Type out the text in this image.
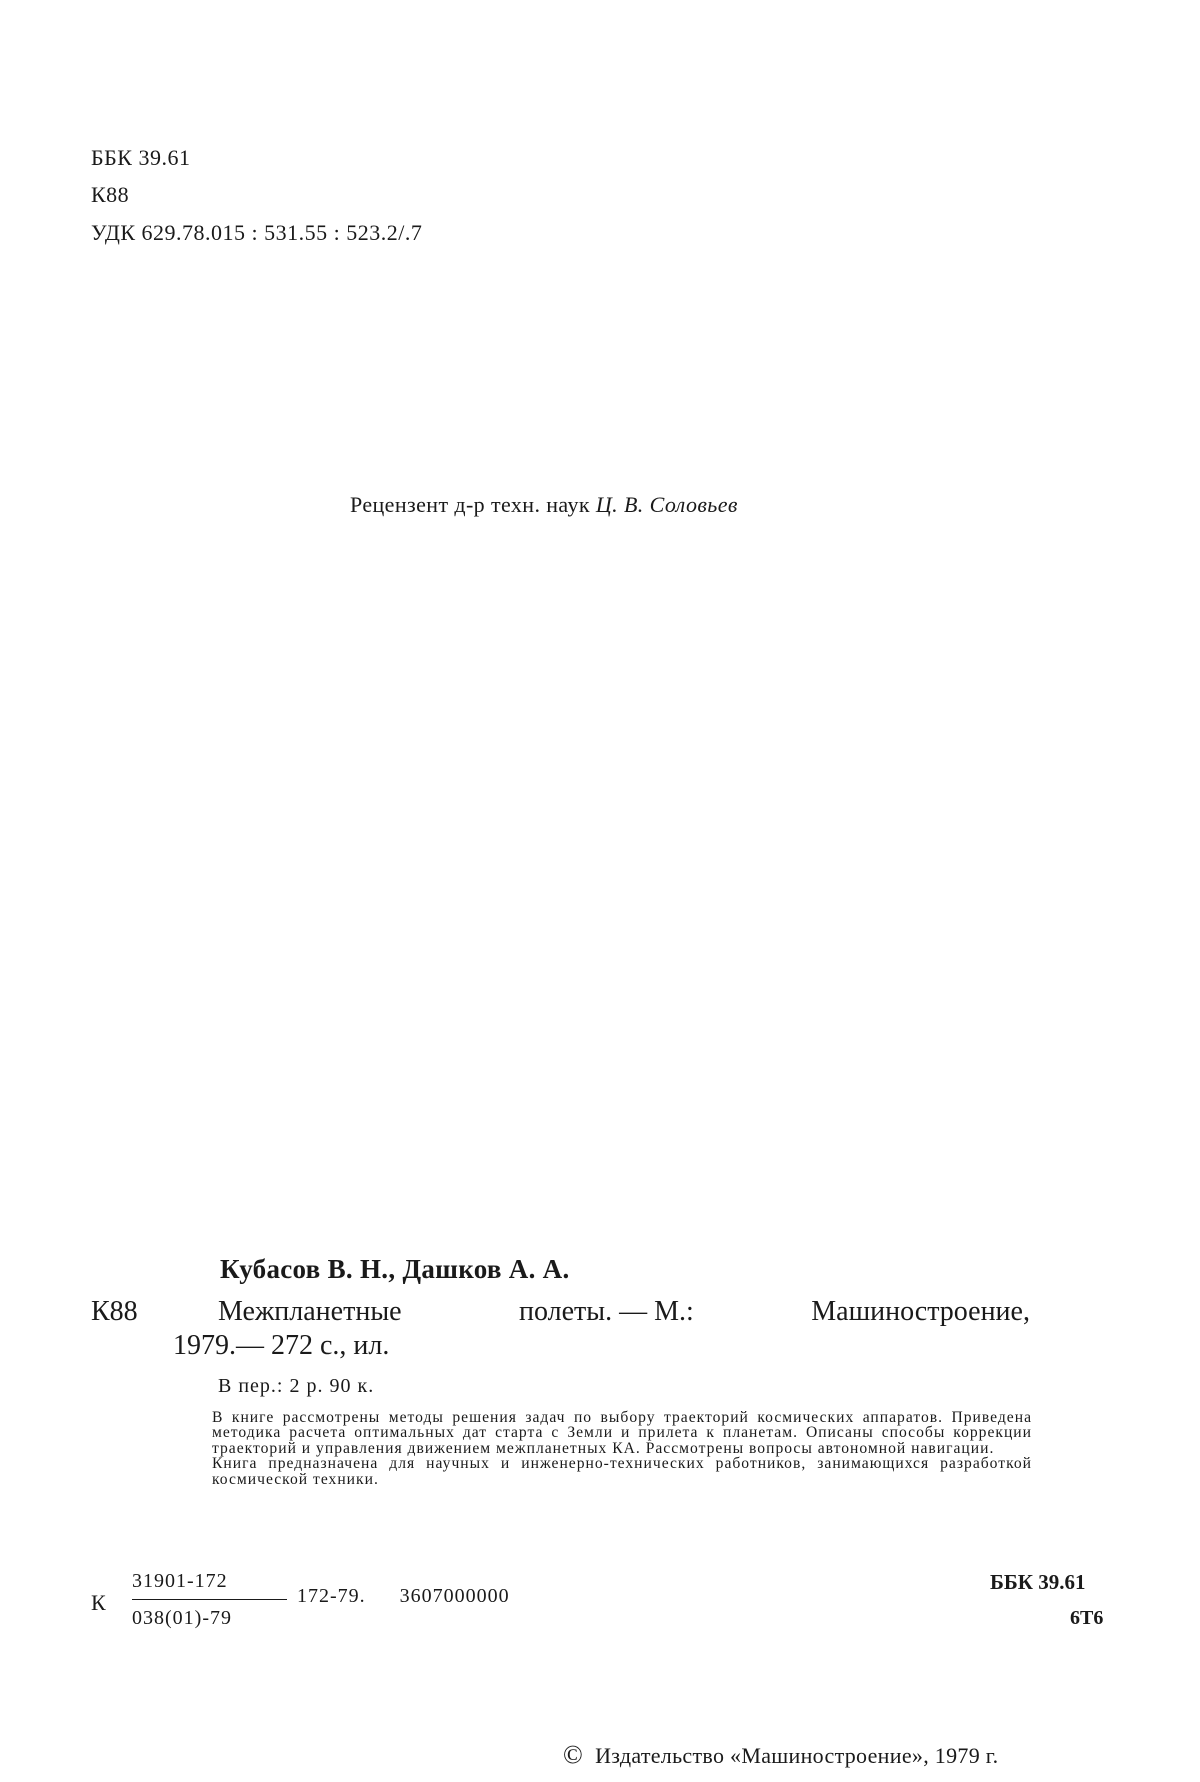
ББК 39.61
К88
УДК 629.78.015 : 531.55 : 523.2/.7
Рецензент д-р техн. наук Ц. В. Соловьев
Кубасов В. Н., Дашков А. А.
К88	Межпланетные	полеты. — М.:	Машиностроение,
1979.— 272 с., ил.
В пер.: 2 р. 90 к.

В книге рассмотрены методы решения задач по выбору траекторий космических аппаратов. Приведена методика расчета оптимальных дат старта с Земли и прилета к планетам. Описаны способы коррекции траекторий и управления движением межпланетных КА. Рассмотрены вопросы автономной навигации.

Книга предназначена для научных и инженерно-технических работников, занимающихся разработкой космической техники.

К
31901-172
038(01)-79
172-79. 3607000000
ББК 39.61
6Т6
© Издательство «Машиностроение», 1979 г.
